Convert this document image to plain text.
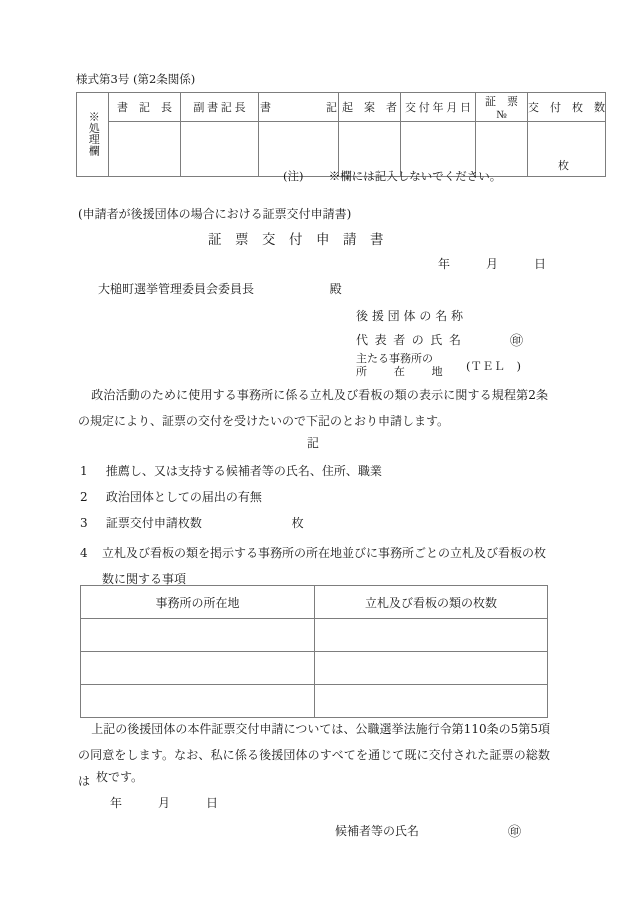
様式第3号 (第2条関係)
※処理欄	書　記　長	副 書 記 長	書　　　　　記	起　案　者	交 付 年 月 日	証　票　№	交　付　枚　数
							枚
(注) ※欄には記入しないでください。
(申請者が後援団体の場合における証票交付申請書)
証　票　交　付　申　請　書
年　　　月　　　日
大槌町選挙管理委員会委員長	殿
後援団体の名称
代表者の氏名	㊞
主たる事務所の
所　在　地 (ＴＥＬ　)
政治活動のために使用する事務所に係る立札及び看板の類の表示に関する規程第2条の規定により、証票の交付を受けたいので下記のとおり申請します。
記
1 推薦し、又は支持する候補者等の氏名、住所、職業
2 政治団体としての届出の有無
3 証票交付申請枚数	枚
4	立札及び看板の類を掲示する事務所の所在地並びに事務所ごとの立札及び看板の枚数に関する事項
事務所の所在地	立札及び看板の類の枚数

上記の後援団体の本件証票交付申請については、公職選挙法施行令第110条の5第5項の同意をします。なお、私に係る後援団体のすべてを通じて既に交付された証票の総数は 枚です。
年　　　月　　　日
候補者等の氏名	㊞
